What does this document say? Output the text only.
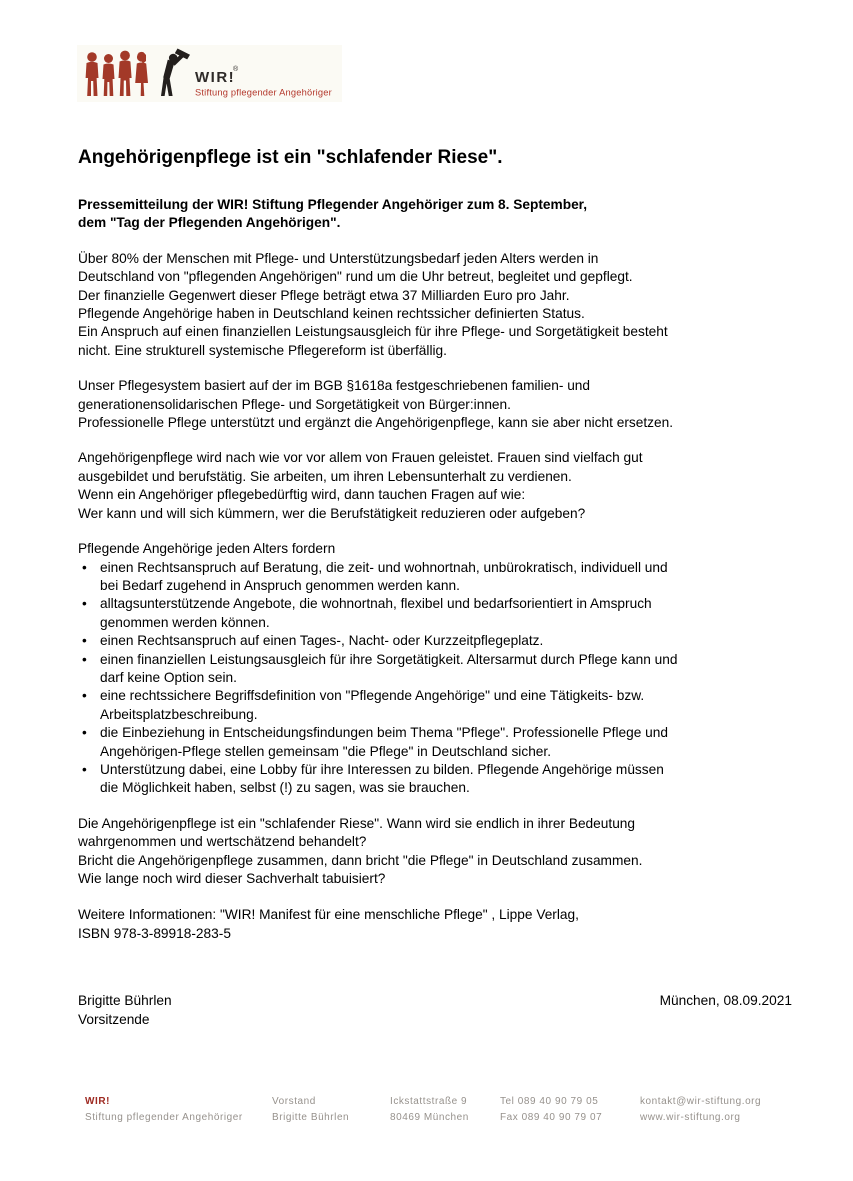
WIR!
®
Stiftung pflegender Angehöriger
Angehörigenpflege ist ein "schlafender Riese".

Pressemitteilung der WIR! Stiftung Pflegender Angehöriger zum 8. September,
dem "Tag der Pflegenden Angehörigen".

Über 80% der Menschen mit Pflege- und Unterstützungsbedarf jeden Alters werden in
Deutschland von "pflegenden Angehörigen" rund um die Uhr betreut, begleitet und gepflegt.
Der finanzielle Gegenwert dieser Pflege beträgt etwa 37 Milliarden Euro pro Jahr.
Pflegende Angehörige haben in Deutschland keinen rechtssicher definierten Status.
Ein Anspruch auf einen finanziellen Leistungsausgleich für ihre Pflege- und Sorgetätigkeit besteht
nicht. Eine strukturell systemische Pflegereform ist überfällig.

Unser Pflegesystem basiert auf der im BGB §1618a festgeschriebenen familien- und
generationensolidarischen Pflege- und Sorgetätigkeit von Bürger:innen.
Professionelle Pflege unterstützt und ergänzt die Angehörigenpflege, kann sie aber nicht ersetzen.

Angehörigenpflege wird nach wie vor vor allem von Frauen geleistet. Frauen sind vielfach gut
ausgebildet und berufstätig. Sie arbeiten, um ihren Lebensunterhalt zu verdienen.
Wenn ein Angehöriger pflegebedürftig wird, dann tauchen Fragen auf wie:
Wer kann und will sich kümmern, wer die Berufstätigkeit reduzieren oder aufgeben?

Pflegende Angehörige jeden Alters fordern

• einen Rechtsanspruch auf Beratung, die zeit- und wohnortnah, unbürokratisch, individuell und
bei Bedarf zugehend in Anspruch genommen werden kann.
• alltagsunterstützende Angebote, die wohnortnah, flexibel und bedarfsorientiert in Amspruch
genommen werden können.
• einen Rechtsanspruch auf einen Tages-, Nacht- oder Kurzzeitpflegeplatz.
• einen finanziellen Leistungsausgleich für ihre Sorgetätigkeit. Altersarmut durch Pflege kann und
darf keine Option sein.
• eine rechtssichere Begriffsdefinition von "Pflegende Angehörige" und eine Tätigkeits- bzw.
Arbeitsplatzbeschreibung.
• die Einbeziehung in Entscheidungsfindungen beim Thema "Pflege". Professionelle Pflege und
Angehörigen-Pflege stellen gemeinsam "die Pflege" in Deutschland sicher.
• Unterstützung dabei, eine Lobby für ihre Interessen zu bilden. Pflegende Angehörige müssen
die Möglichkeit haben, selbst (!) zu sagen, was sie brauchen.

Die Angehörigenpflege ist ein "schlafender Riese". Wann wird sie endlich in ihrer Bedeutung
wahrgenommen und wertschätzend behandelt?
Bricht die Angehörigenpflege zusammen, dann bricht "die Pflege" in Deutschland zusammen.
Wie lange noch wird dieser Sachverhalt tabuisiert?

Weitere Informationen: "WIR! Manifest für eine menschliche Pflege" , Lippe Verlag,
ISBN 978-3-89918-283-5

Brigitte Bührlen
Vorsitzende
München, 08.09.2021
WIR!
Stiftung pflegender Angehöriger
Vorstand
Brigitte Bührlen
Ickstattstraße 9
80469 München
Tel 089 40 90 79 05
Fax 089 40 90 79 07
kontakt@wir-stiftung.org
www.wir-stiftung.org
